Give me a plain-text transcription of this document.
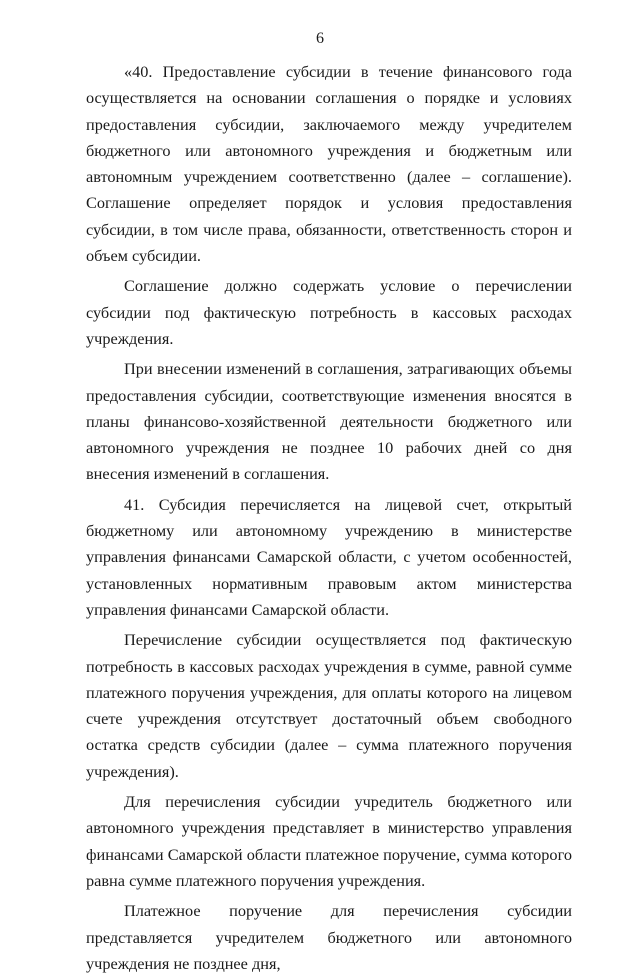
6

«40. Предоставление субсидии в течение финансового года осуществляется на основании соглашения о порядке и условиях предоставления субсидии, заключаемого между учредителем бюджетного или автономного учреждения и бюджетным или автономным учреждением соответственно (далее – соглашение). Соглашение определяет порядок и условия предоставления субсидии, в том числе права, обязанности, ответственность сторон и объем субсидии.

Соглашение должно содержать условие о перечислении субсидии под фактическую потребность в кассовых расходах учреждения.

При внесении изменений в соглашения, затрагивающих объемы предоставления субсидии, соответствующие изменения вносятся в планы финансово-хозяйственной деятельности бюджетного или автономного учреждения не позднее 10 рабочих дней со дня внесения изменений в соглашения.

41. Субсидия перечисляется на лицевой счет, открытый бюджетному или автономному учреждению в министерстве управления финансами Самарской области, с учетом особенностей, установленных нормативным правовым актом министерства управления финансами Самарской области.

Перечисление субсидии осуществляется под фактическую потребность в кассовых расходах учреждения в сумме, равной сумме платежного поручения учреждения, для оплаты которого на лицевом счете учреждения отсутствует достаточный объем свободного остатка средств субсидии (далее – сумма платежного поручения учреждения).

Для перечисления субсидии учредитель бюджетного или автономного учреждения представляет в министерство управления финансами Самарской области платежное поручение, сумма которого равна сумме платежного поручения учреждения.

Платежное поручение для перечисления субсидии представляется учредителем бюджетного или автономного учреждения не позднее дня,
